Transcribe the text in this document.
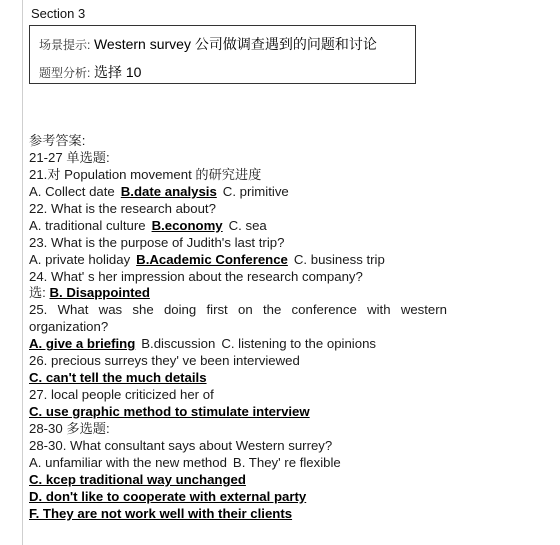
Section 3
场景提示: Western survey 公司做调查遇到的问题和讨论
题型分析: 选择 10
参考答案:
21-27 单选题:
21.对 Population movement 的研究进度
A. Collect date B.date analysis C. primitive
22. What is the research about?
A. traditional culture B.economy C. sea
23. What is the purpose of Judith's last trip?
A. private holiday B.Academic Conference C. business trip
24. What' s her impression about the research company?
选: B. Disappointed
25. What was she doing first on the conference with western organization?
A. give a briefing B.discussion C. listening to the opinions
26. precious surreys they' ve been interviewed
C. can't tell the much details
27. local people criticized her of
C. use graphic method to stimulate interview
28-30 多选题:
28-30. What consultant says about Western surrey?
A. unfamiliar with the new method B. They' re flexible
C. kcep traditional way unchanged
D. don't like to cooperate with external party
F. They are not work well with their clients
